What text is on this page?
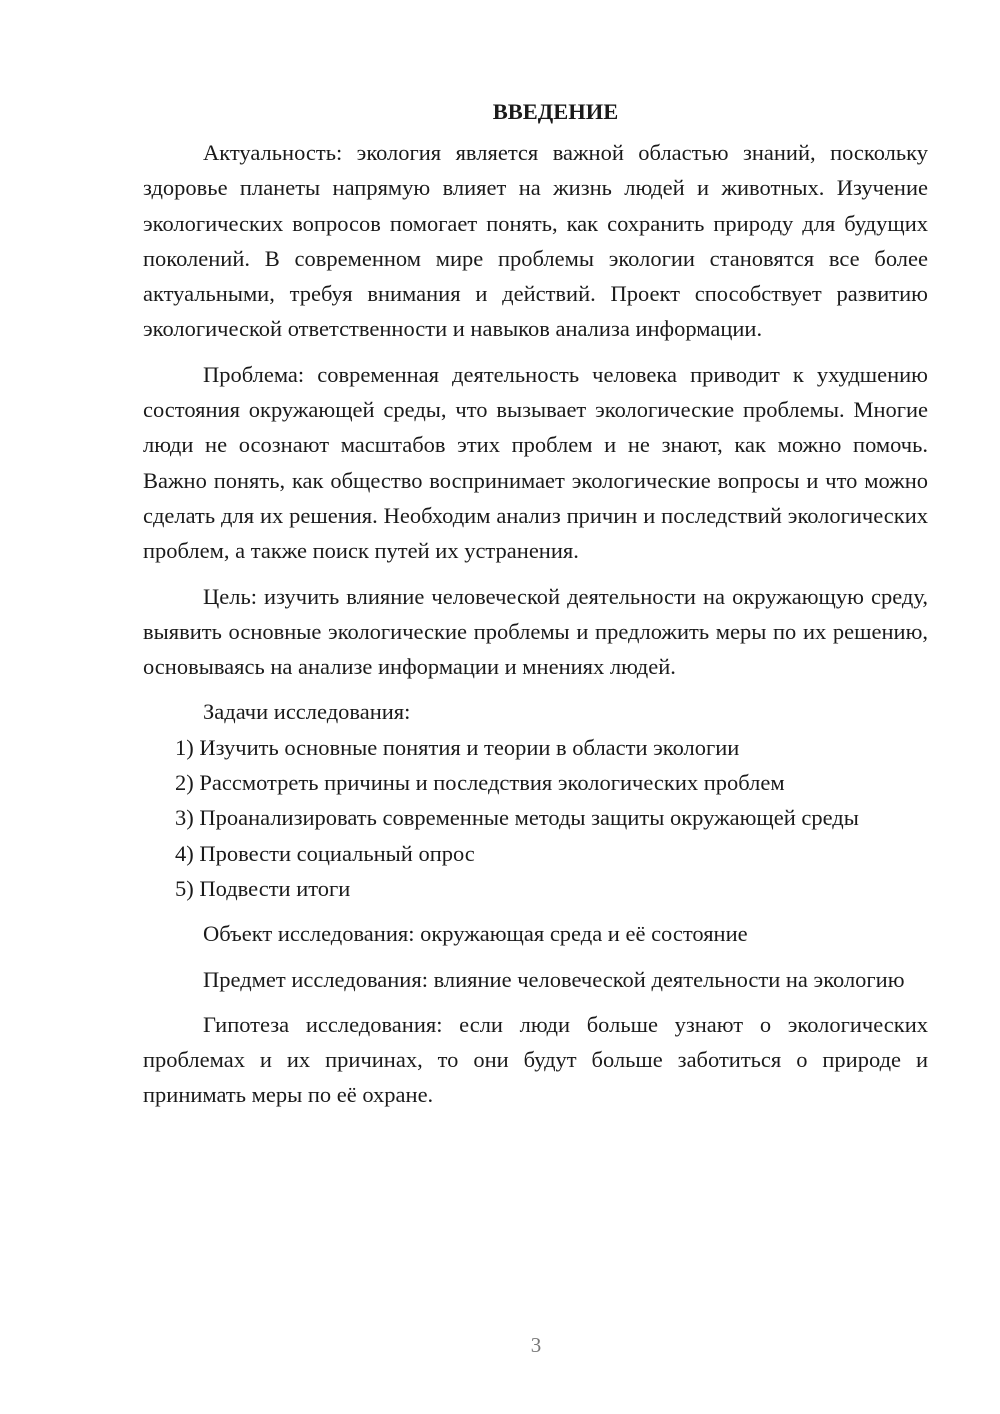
ВВЕДЕНИЕ

Актуальность: экология является важной областью знаний, поскольку здоровье планеты напрямую влияет на жизнь людей и животных. Изучение экологических вопросов помогает понять, как сохранить природу для будущих поколений. В современном мире проблемы экологии становятся все более актуальными, требуя внимания и действий. Проект способствует развитию экологической ответственности и навыков анализа информации.

Проблема: современная деятельность человека приводит к ухудшению состояния окружающей среды, что вызывает экологические проблемы. Многие люди не осознают масштабов этих проблем и не знают, как можно помочь. Важно понять, как общество воспринимает экологические вопросы и что можно сделать для их решения. Необходим анализ причин и последствий экологических проблем, а также поиск путей их устранения.

Цель: изучить влияние человеческой деятельности на окружающую среду, выявить основные экологические проблемы и предложить меры по их решению, основываясь на анализе информации и мнениях людей.

Задачи исследования:

1) Изучить основные понятия и теории в области экологии

2) Рассмотреть причины и последствия экологических проблем

3) Проанализировать современные методы защиты окружающей среды

4) Провести социальный опрос

5) Подвести итоги

Объект исследования: окружающая среда и её состояние

Предмет исследования: влияние человеческой деятельности на экологию

Гипотеза исследования: если люди больше узнают о экологических проблемах и их причинах, то они будут больше заботиться о природе и принимать меры по её охране.

3
